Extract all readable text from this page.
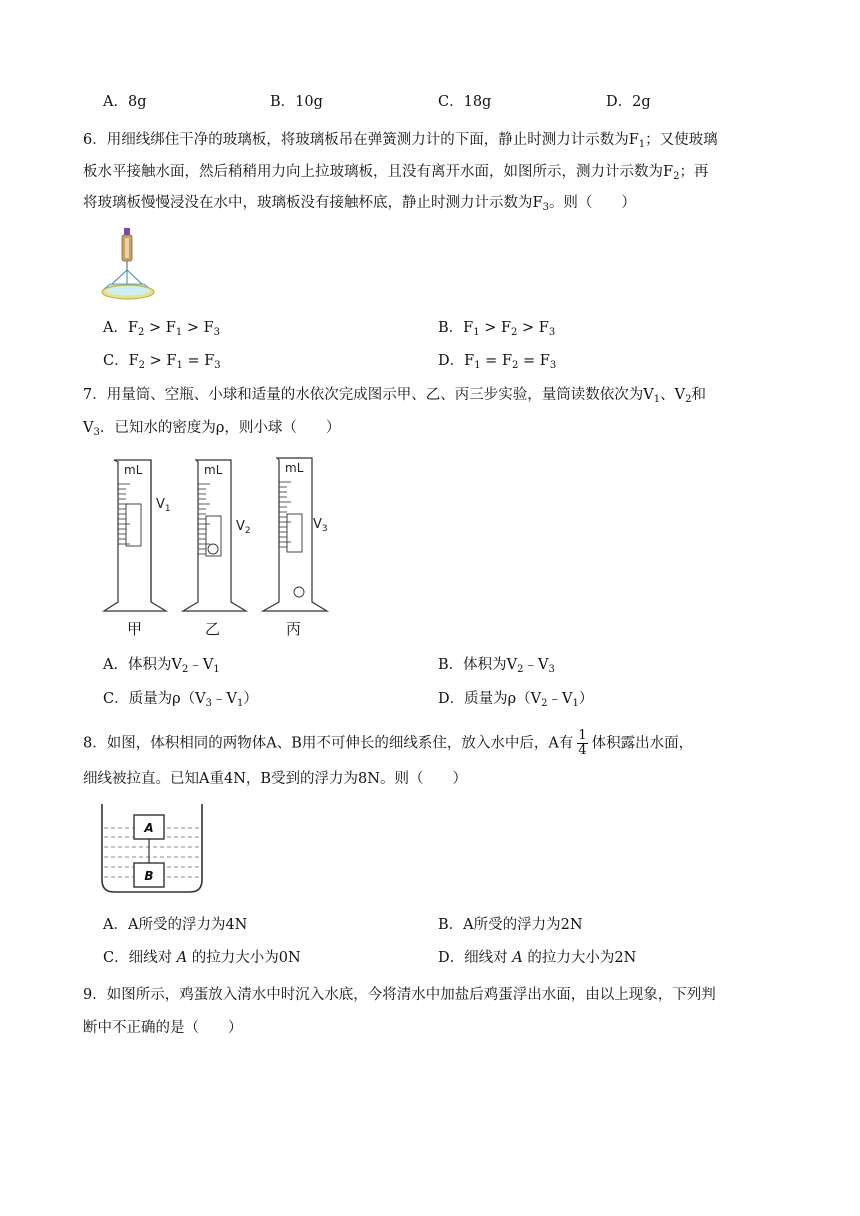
A．8g	B．10g	C．18g	D．2g
6．用细线绑住干净的玻璃板，将玻璃板吊在弹簧测力计的下面，静止时测力计示数为$F_1$；又使玻璃
板水平接触水面，然后稍稍用力向上拉玻璃板，且没有离开水面，如图所示，测力计示数为$F_2$；再
将玻璃板慢慢浸没在水中，玻璃板没有接触杯底，静止时测力计示数为$F_3$。则（　　）
A．$F_2 > F_1 > F_3$	B．$F_1 > F_2 > F_3$
C．$F_2 > F_1 = F_3$	D．$F_1 = F_2 = F_3$
7．用量筒、空瓶、小球和适量的水依次完成图示甲、乙、丙三步实验，量筒读数依次为$V_1$、$V_2$和
$V_3$．已知水的密度为ρ，则小球（　　）
mL
$V_1$
mL
$V_2$
mL
$V_3$
甲	乙	丙
A．体积为$V_2﹣V_1$	B．体积为$V_2﹣V_3$
C．质量为$\rho(V_3﹣V_1)$	D．质量为$\rho(V_2﹣V_1)$
8．如图，体积相同的两物体A、B用不可伸长的细线系住，放入水中后，A有 $\frac{1}{4}$ 体积露出水面，
细线被拉直。已知A重4N，B受到的浮力为8N。则（　　）
A
B
A．A所受的浮力为4N	B．A所受的浮力为2N
C．细线对 A 的拉力大小为0N	D．细线对 A 的拉力大小为2N
9．如图所示，鸡蛋放入清水中时沉入水底，今将清水中加盐后鸡蛋浮出水面，由以上现象，下列判
断中不正确的是（　　）
